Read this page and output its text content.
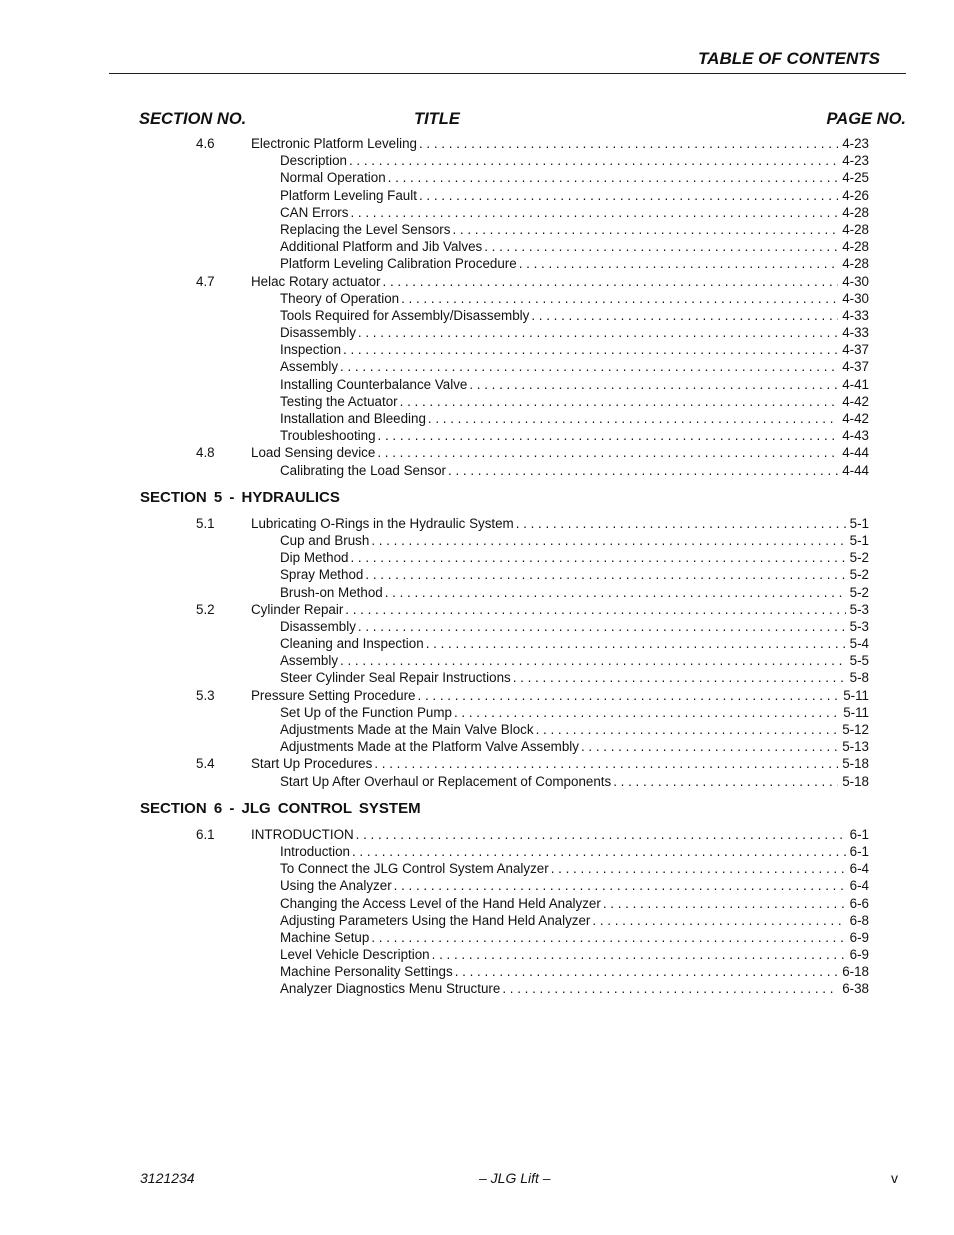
TABLE OF CONTENTS
SECTION NO.	TITLE	PAGE NO.
4.6	Electronic Platform Leveling . . .	4-23
Description . . .	4-23
Normal Operation . . .	4-25
Platform Leveling Fault . . .	4-26
CAN Errors . . .	4-28
Replacing the Level Sensors . . .	4-28
Additional Platform and Jib Valves . . .	4-28
Platform Leveling Calibration Procedure . . .	4-28
4.7	Helac Rotary actuator . . .	4-30
Theory of Operation . . .	4-30
Tools Required for Assembly/Disassembly . . .	4-33
Disassembly . . .	4-33
Inspection . . .	4-37
Assembly . . .	4-37
Installing Counterbalance Valve . . .	4-41
Testing the Actuator . . .	4-42
Installation and Bleeding . . .	4-42
Troubleshooting . . .	4-43
4.8	Load Sensing device . . .	4-44
Calibrating the Load Sensor . . .	4-44
SECTION 5 - HYDRAULICS
5.1	Lubricating O-Rings in the Hydraulic System . . .	5-1
Cup and Brush . . .	5-1
Dip Method . . .	5-2
Spray Method . . .	5-2
Brush-on Method . . .	5-2
5.2	Cylinder Repair . . .	5-3
Disassembly . . .	5-3
Cleaning and Inspection . . .	5-4
Assembly . . .	5-5
Steer Cylinder Seal Repair Instructions . . .	5-8
5.3	Pressure Setting Procedure . . .	5-11
Set Up of the Function Pump . . .	5-11
Adjustments Made at the Main Valve Block . . .	5-12
Adjustments Made at the Platform Valve Assembly . . .	5-13
5.4	Start Up Procedures . . .	5-18
Start Up After Overhaul or Replacement of Components . . .	5-18
SECTION 6 - JLG CONTROL SYSTEM
6.1	INTRODUCTION . . .	6-1
Introduction . . .	6-1
To Connect the JLG Control System Analyzer . . .	6-4
Using the Analyzer . . .	6-4
Changing the Access Level of the Hand Held Analyzer . . .	6-6
Adjusting Parameters Using the Hand Held Analyzer . . .	6-8
Machine Setup . . .	6-9
Level Vehicle Description . . .	6-9
Machine Personality Settings . . .	6-18
Analyzer Diagnostics Menu Structure . . .	6-38
3121234	– JLG Lift –	v
